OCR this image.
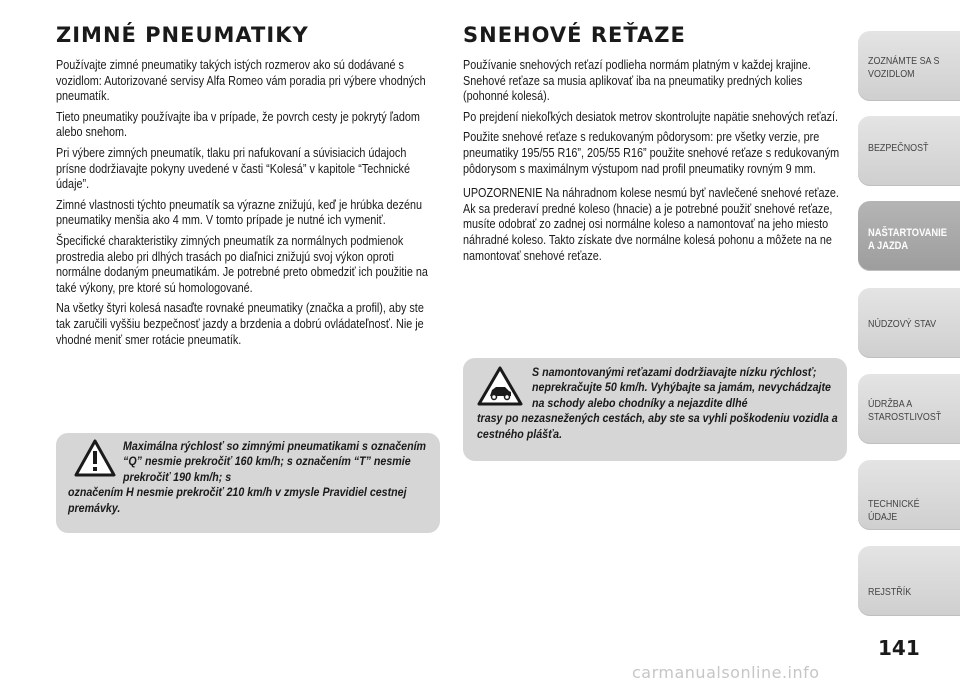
ZIMNÉ PNEUMATIKY

Používajte zimné pneumatiky takých istých rozmerov ako sú dodávané s vozidlom: Autorizované servisy Alfa Romeo vám poradia pri výbere vhodných pneumatík.

Tieto pneumatiky používajte iba v prípade, že povrch cesty je pokrytý ľadom alebo snehom.

Pri výbere zimných pneumatík, tlaku pri nafukovaní a súvisiacich údajoch prísne dodržiavajte pokyny uvedené v časti “Kolesá” v kapitole “Technické údaje”.

Zimné vlastnosti týchto pneumatík sa výrazne znižujú, keď je hrúbka dezénu pneumatiky menšia ako 4 mm. V tomto prípade je nutné ich vymeniť.

Špecifické charakteristiky zimných pneumatík za normálnych podmienok prostredia alebo pri dlhých trasách po diaľnici znižujú svoj výkon oproti normálne dodaným pneumatikám. Je potrebné preto obmedziť ich použitie na také výkony, pre ktoré sú homologované.

Na všetky štyri kolesá nasaďte rovnaké pneumatiky (značka a profil), aby ste tak zaručili vyššiu bezpečnosť jazdy a brzdenia a dobrú ovládateľnosť. Nie je vhodné meniť smer rotácie pneumatík.

Maximálna rýchlosť so zimnými pneumatikami s označením “Q” nesmie prekročiť 160 km/h; s označením “T” nesmie prekročiť 190 km/h; s
označením H nesmie prekročiť 210 km/h v zmysle Pravidiel cestnej premávky.
SNEHOVÉ REŤAZE

Používanie snehových reťazí podlieha normám platným v každej krajine. Snehové reťaze sa musia aplikovať iba na pneumatiky predných kolies (pohonné kolesá).

Po prejdení niekoľkých desiatok metrov skontrolujte napätie snehových reťazí.

Použite snehové reťaze s redukovaným pôdorysom: pre všetky verzie, pre pneumatiky 195/55 R16”, 205/55 R16” použite snehové reťaze s redukovaným pôdorysom s maximálnym výstupom nad profil pneumatiky rovným 9 mm.

UPOZORNENIE Na náhradnom kolese nesmú byť navlečené snehové reťaze. Ak sa prederaví predné koleso (hnacie) a je potrebné použiť snehové reťaze, musíte odobrať zo zadnej osi normálne koleso a namontovať na jeho miesto náhradné koleso. Takto získate dve normálne kolesá pohonu a môžete na ne namontovať snehové reťaze.

S namontovanými reťazami dodržiavajte nízku rýchlosť; neprekračujte 50 km/h. Vyhýbajte sa jamám, nevychádzajte na schody alebo chodníky a nejazdite dlhé
trasy po nezasnežených cestách, aby ste sa vyhli poškodeniu vozidla a cestného plášťa.
ZOZNÁMTE SA S VOZIDLOM
BEZPEČNOSŤ
NAŠTARTOVANIE A JAZDA
NÚDZOVÝ STAV
ÚDRŽBA A STAROSTLIVOSŤ
TECHNICKÉ ÚDAJE
REJSTŘÍK
141
carmanualsonline.info
